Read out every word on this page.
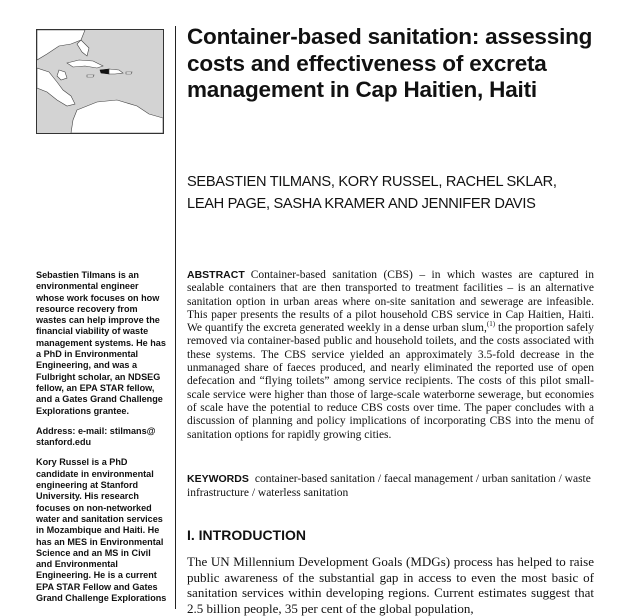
Sebastien Tilmans is an environmental engineer whose work focuses on how resource recovery from wastes can help improve the financial viability of waste management systems. He has a PhD in Environmental Engineering, and was a Fulbright scholar, an NDSEG fellow, an EPA STAR fellow, and a Gates Grand Challenge Explorations grantee.

Address: e-mail: stilmans@ stanford.edu

Kory Russel is a PhD candidate in environmental engineering at Stanford University. His research focuses on non-networked water and sanitation services in Mozambique and Haiti. He has an MES in Environmental Science and an MS in Civil and Environmental Engineering. He is a current EPA STAR Fellow and Gates Grand Challenge Explorations

Container-based sanitation: assessing costs and effectiveness of excreta management in Cap Haitien, Haiti
SEBASTIEN TILMANS, KORY RUSSEL, RACHEL SKLAR,
LEAH PAGE, SASHA KRAMER AND JENNIFER DAVIS

ABSTRACT Container-based sanitation (CBS) – in which wastes are captured in sealable containers that are then transported to treatment facilities – is an alternative sanitation option in urban areas where on-site sanitation and sewerage are infeasible. This paper presents the results of a pilot household CBS service in Cap Haitien, Haiti. We quantify the excreta generated weekly in a dense urban slum,$^{(1)}$ the proportion safely removed via container-based public and household toilets, and the costs associated with these systems. The CBS service yielded an approximately 3.5-fold decrease in the unmanaged share of faeces produced, and nearly eliminated the reported use of open defecation and “flying toilets” among service recipients. The costs of this pilot small-scale service were higher than those of large-scale waterborne sewerage, but economies of scale have the potential to reduce CBS costs over time. The paper concludes with a discussion of planning and policy implications of incorporating CBS into the menu of sanitation options for rapidly growing cities.

KEYWORDS container-based sanitation / faecal management / urban sanitation / waste infrastructure / waterless sanitation

I. INTRODUCTION

The UN Millennium Development Goals (MDGs) process has helped to raise public awareness of the substantial gap in access to even the most basic of sanitation services within developing regions. Current estimates suggest that 2.5 billion people, 35 per cent of the global population,
